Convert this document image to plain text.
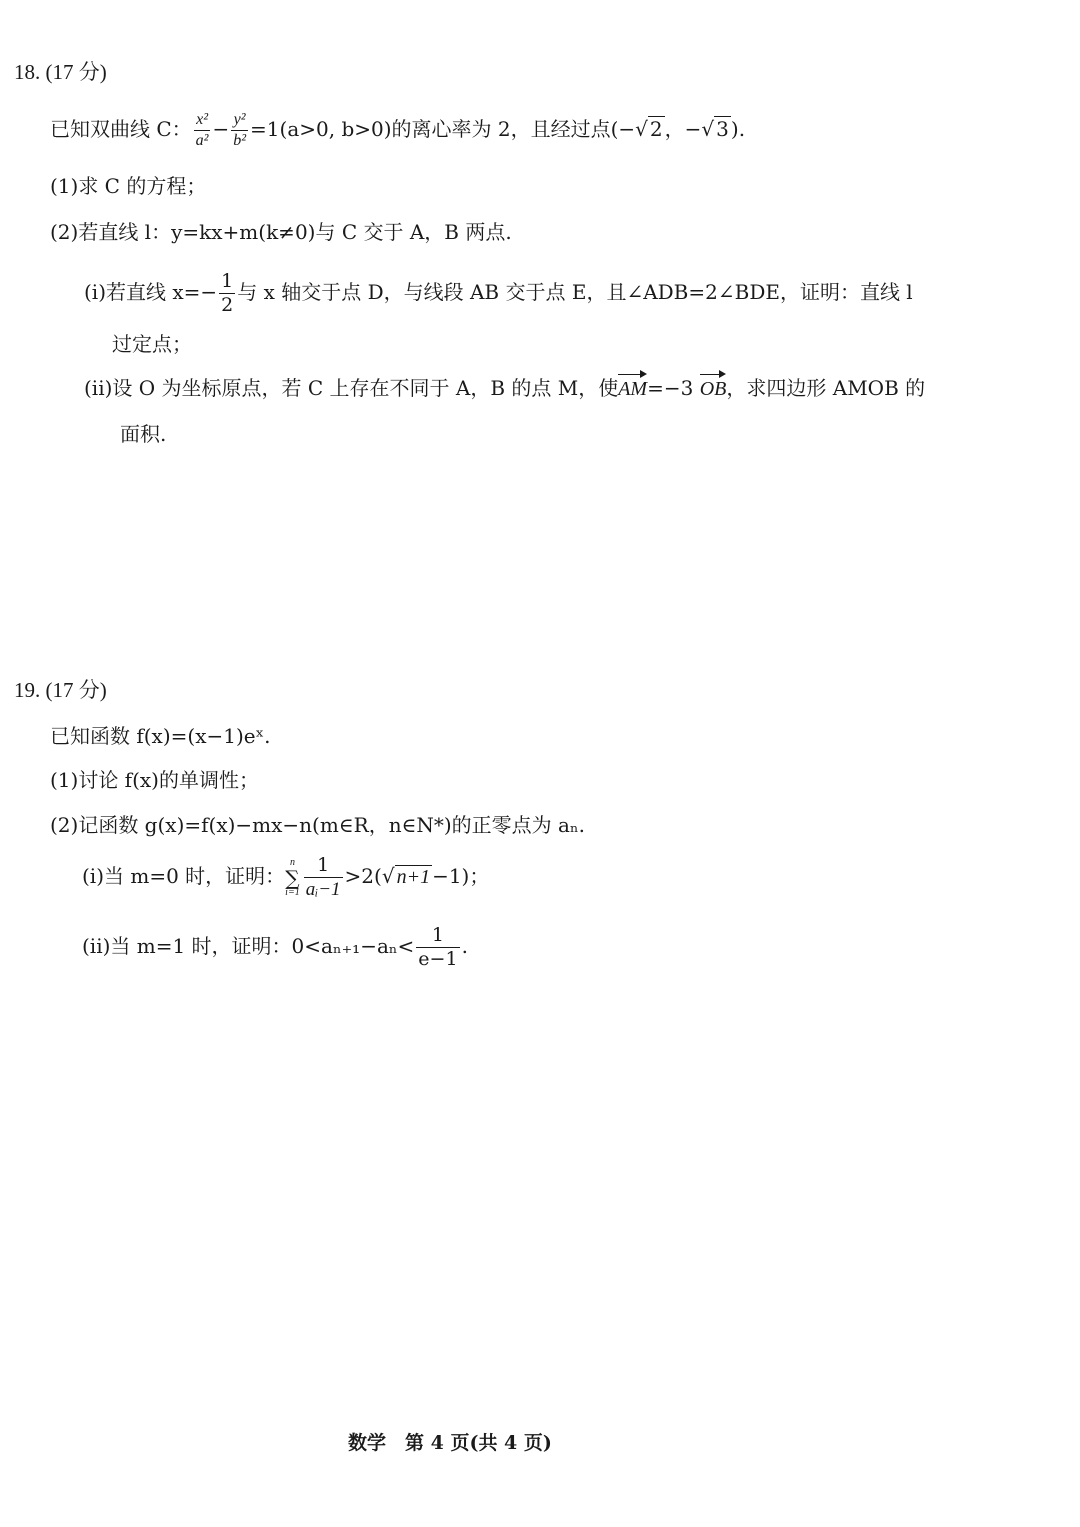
18. (17 分)
已知双曲线 C： $\frac{\text{x²}}{\text{a²}} - \frac{\text{y²}}{\text{b²}} =1(a>0$, b>0)的离心率为 2，且经过点(−√ 2 ，−√ 3 ).
(1)求 C 的方程；
(2)若直线 l：y=kx+m(k≠0)与 C 交于 A，B 两点.
(i)若直线 $x=- \frac{1}{2}$ 与 x 轴交于点 D，与线段 AB 交于点 E，且∠ADB=2∠BDE，证明：直线 l
过定点；
(ii)设 O 为坐标原点，若 C 上存在不同于 A，B 的点 M，使AM=−3 OB，求四边形 AMOB 的
面积.
19. (17 分)
已知函数 f(x)=(x−1)eˣ.
(1)讨论 f(x)的单调性；
(2)记函数 g(x)=f(x)−mx−n(m∈R，n∈N*)的正零点为 aₙ.
(i)当 m=0 时，证明：
n
∑
$i=1 \frac{1}{\text{aᵢ−1}} >2(√$ n+1 −1)；
(ii)当 m=1 时，证明：$0<a_{n+1}-a_n< \frac{1}{e-1}$ .
数学　第 4 页(共 4 页)
